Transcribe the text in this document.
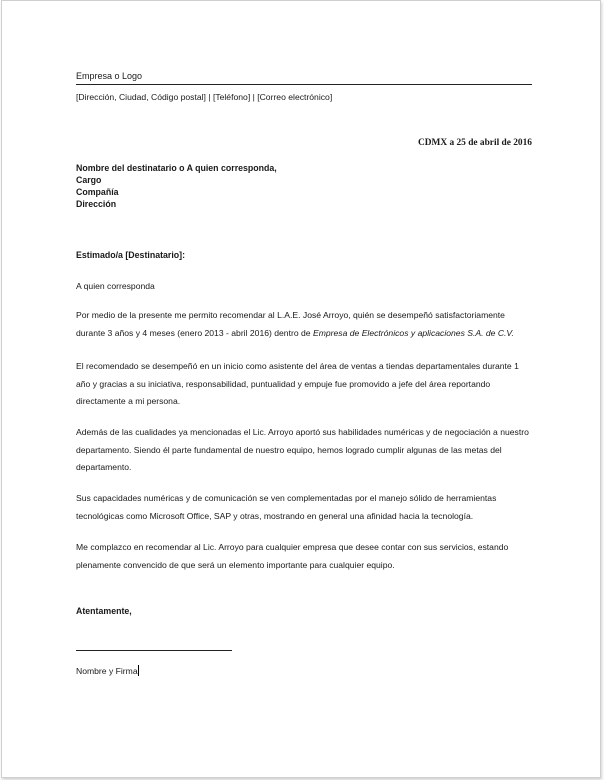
Empresa o Logo
[Dirección, Ciudad, Código postal] | [Teléfono] | [Correo electrónico]
CDMX a 25 de abril de 2016
Nombre del destinatario o A quien corresponda,
Cargo
Compañía
Dirección
Estimado/a [Destinatario]:
A quien corresponda
Por medio de la presente me permito recomendar al L.A.E. José Arroyo, quién se desempeñó satisfactoriamente durante 3 años y 4 meses (enero 2013 - abril 2016) dentro de Empresa de Electrónicos y aplicaciones S.A. de C.V.
El recomendado se desempeñó en un inicio como asistente del área de ventas a tiendas departamentales durante 1 año y gracias a su iniciativa, responsabilidad, puntualidad y empuje fue promovido a jefe del área reportando directamente a mi persona.
Además de las cualidades ya mencionadas el Lic. Arroyo aportó sus habilidades numéricas y de negociación a nuestro departamento. Siendo él parte fundamental de nuestro equipo, hemos logrado cumplir algunas de las metas del departamento.
Sus capacidades numéricas y de comunicación se ven complementadas por el manejo sólido de herramientas tecnológicas como Microsoft Office, SAP y otras, mostrando en general una afinidad hacia la tecnología.
Me complazco en recomendar al Lic. Arroyo para cualquier empresa que desee contar con sus servicios, estando plenamente convencido de que será un elemento importante para cualquier equipo.
Atentamente,
Nombre y Firma
